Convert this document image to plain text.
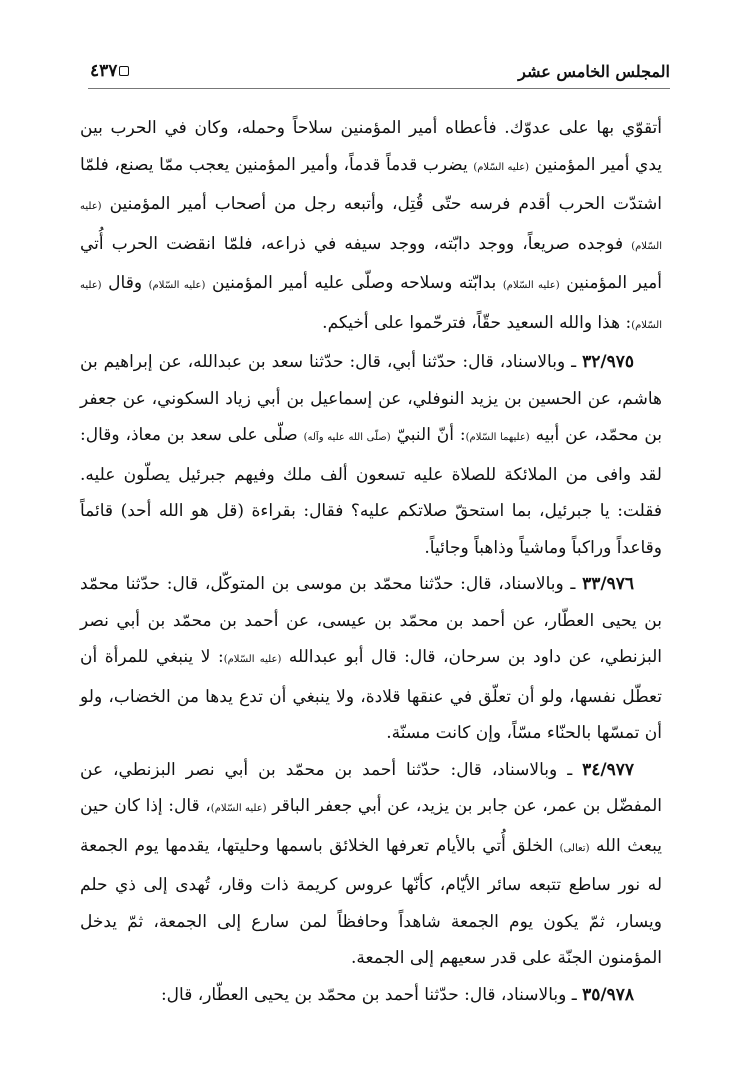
المجلس الخامس عشر
٤٣٧

أتقوّي بها على عدوّك. فأعطاه أمير المؤمنين سلاحاً وحمله، وكان في الحرب بين يدي أمير المؤمنين (عليه السّلام) يضرب قدماً قدماً، وأمير المؤمنين يعجب ممّا يصنع، فلمّا اشتدّت الحرب أقدم فرسه حتّى قُتِل، وأتبعه رجل من أصحاب أمير المؤمنين (عليه السّلام) فوجده صريعاً، ووجد دابّته، ووجد سيفه في ذراعه، فلمّا انقضت الحرب أُتي أمير المؤمنين (عليه السّلام) بدابّته وسلاحه وصلّى عليه أمير المؤمنين (عليه السّلام) وقال (عليه السّلام): هذا والله السعيد حقّاً، فترحّموا على أخيكم.

٣٢/٩٧٥ ـ وبالاسناد، قال: حدّثنا أبي، قال: حدّثنا سعد بن عبدالله، عن إبراهيم بن هاشم، عن الحسين بن يزيد النوفلي، عن إسماعيل بن أبي زياد السكوني، عن جعفر بن محمّد، عن أبيه (عليهما السّلام): أنّ النبيّ (صلّى الله عليه وآله) صلّى على سعد بن معاذ، وقال: لقد وافى من الملائكة للصلاة عليه تسعون ألف ملك وفيهم جبرئيل يصلّون عليه. فقلت: يا جبرئيل، بما استحقّ صلاتكم عليه؟ فقال: بقراءة (قل هو الله أحد) قائماً وقاعداً وراكباً وماشياً وذاهباً وجائياً.

٣٣/٩٧٦ ـ وبالاسناد، قال: حدّثنا محمّد بن موسى بن المتوكّل، قال: حدّثنا محمّد بن يحيى العطّار، عن أحمد بن محمّد بن عيسى، عن أحمد بن محمّد بن أبي نصر البزنطي، عن داود بن سرحان، قال: قال أبو عبدالله (عليه السّلام): لا ينبغي للمرأة أن تعطّل نفسها، ولو أن تعلّق في عنقها قلادة، ولا ينبغي أن تدع يدها من الخضاب، ولو أن تمسّها بالحنّاء مسّاً، وإن كانت مسنّة.

٣٤/٩٧٧ ـ وبالاسناد، قال: حدّثنا أحمد بن محمّد بن أبي نصر البزنطي، عن المفضّل بن عمر، عن جابر بن يزيد، عن أبي جعفر الباقر (عليه السّلام)، قال: إذا كان حين يبعث الله (تعالى) الخلق أُتي بالأيام تعرفها الخلائق باسمها وحليتها، يقدمها يوم الجمعة له نور ساطع تتبعه سائر الأيّام، كأنّها عروس كريمة ذات وقار، تُهدى إلى ذي حلم ويسار، ثمّ يكون يوم الجمعة شاهداً وحافظاً لمن سارع إلى الجمعة، ثمّ يدخل المؤمنون الجنّة على قدر سعيهم إلى الجمعة.

٣٥/٩٧٨ ـ وبالاسناد، قال: حدّثنا أحمد بن محمّد بن يحيى العطّار، قال:
